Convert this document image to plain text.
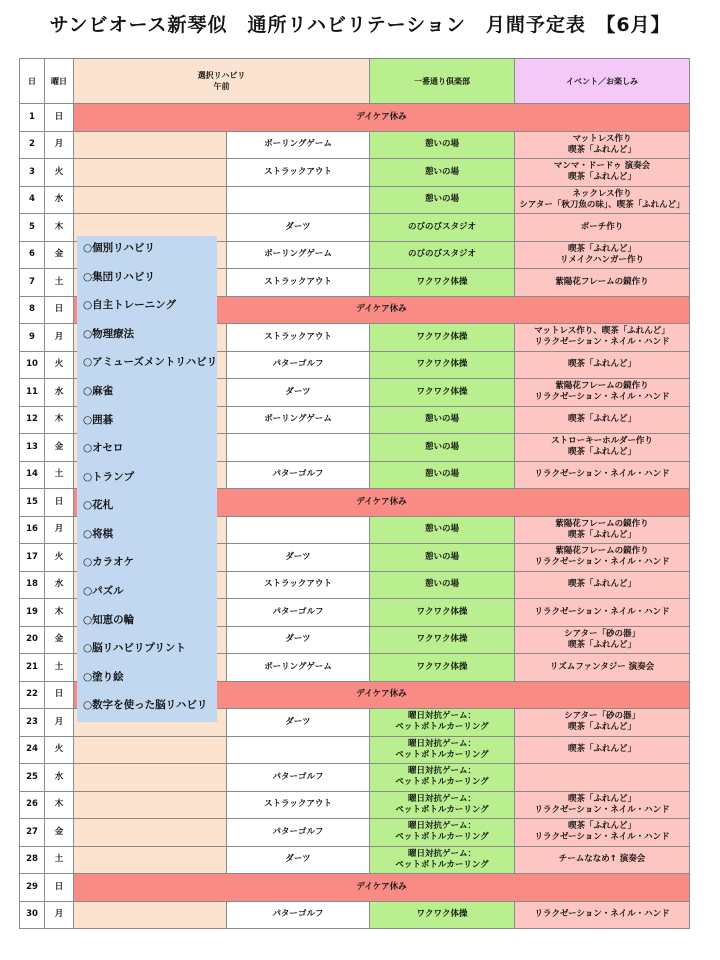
サンビオース新琴似　通所リハビリテーション　月間予定表　【6月】
日	曜日	選択リハビリ
午前		一番通り倶楽部	イベント／お楽しみ
1	日	デイケア休み			
2	月		ボーリングゲーム	憩いの場	マットレス作り
喫茶「ふれんど」
3	火		ストラックアウト	憩いの場	マンマ・ドードゥ 演奏会
喫茶「ふれんど」
4	水			憩いの場	ネックレス作り
シアター「秋刀魚の味」、喫茶「ふれんど」
5	木		ダーツ	のびのびスタジオ	ポーチ作り
6	金		ボーリングゲーム	のびのびスタジオ	喫茶「ふれんど」
リメイクハンガー作り
7	土		ストラックアウト	ワクワク体操	紫陽花フレームの鏡作り
8	日	デイケア休み			
9	月		ストラックアウト	ワクワク体操	マットレス作り、喫茶「ふれんど」
リラクゼーション・ネイル・ハンド
10	火		パターゴルフ	ワクワク体操	喫茶「ふれんど」
11	水		ダーツ	ワクワク体操	紫陽花フレームの鏡作り
リラクゼーション・ネイル・ハンド
12	木		ボーリングゲーム	憩いの場	喫茶「ふれんど」
13	金			憩いの場	ストローキーホルダー作り
喫茶「ふれんど」
14	土		パターゴルフ	憩いの場	リラクゼーション・ネイル・ハンド
15	日	デイケア休み			
16	月			憩いの場	紫陽花フレームの鏡作り
喫茶「ふれんど」
17	火		ダーツ	憩いの場	紫陽花フレームの鏡作り
リラクゼーション・ネイル・ハンド
18	水		ストラックアウト	憩いの場	喫茶「ふれんど」
19	木		パターゴルフ	ワクワク体操	リラクゼーション・ネイル・ハンド
20	金		ダーツ	ワクワク体操	シアター「砂の器」
喫茶「ふれんど」
21	土		ボーリングゲーム	ワクワク体操	リズムファンタジー 演奏会
22	日	デイケア休み			
23	月		ダーツ	曜日対抗ゲーム：
ペットボトルカーリング	シアター「砂の器」
喫茶「ふれんど」
24	火			曜日対抗ゲーム：
ペットボトルカーリング	喫茶「ふれんど」
25	水		パターゴルフ	曜日対抗ゲーム：
ペットボトルカーリング	
26	木		ストラックアウト	曜日対抗ゲーム：
ペットボトルカーリング	喫茶「ふれんど」
リラクゼーション・ネイル・ハンド
27	金		パターゴルフ	曜日対抗ゲーム：
ペットボトルカーリング	喫茶「ふれんど」
リラクゼーション・ネイル・ハンド
28	土		ダーツ	曜日対抗ゲーム：
ペットボトルカーリング	チームななめ↑ 演奏会
29	日	デイケア休み			
30	月		パターゴルフ	ワクワク体操	リラクゼーション・ネイル・ハンド
○個別リハビリ
○集団リハビリ
○自主トレーニング
○物理療法
○アミューズメントリハビリ
○麻雀
○囲碁
○オセロ
○トランプ
○花札
○将棋
○カラオケ
○パズル
○知恵の輪
○脳リハビリプリント
○塗り絵
○数字を使った脳リハビリ
